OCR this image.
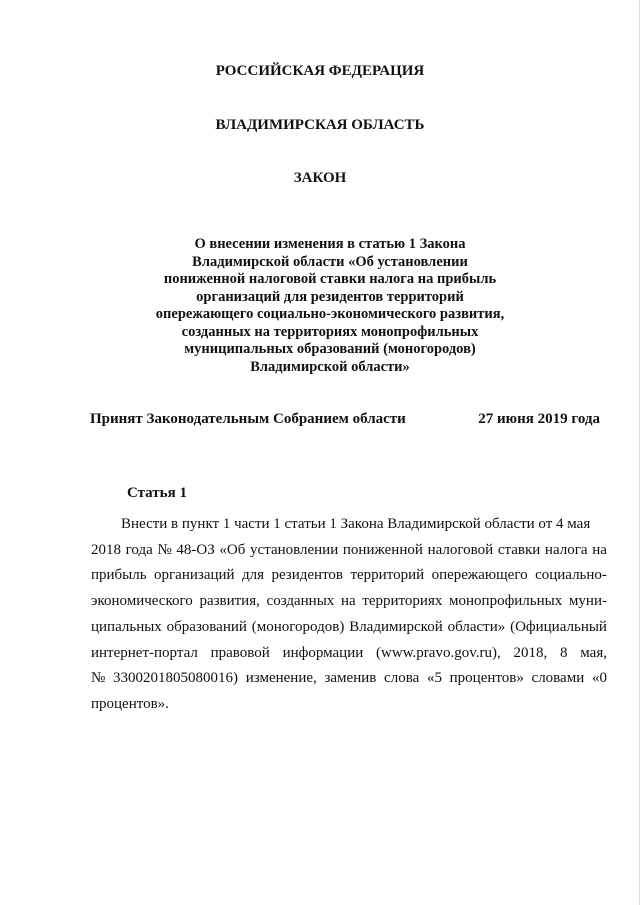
РОССИЙСКАЯ ФЕДЕРАЦИЯ
ВЛАДИМИРСКАЯ ОБЛАСТЬ
ЗАКОН
О внесении изменения в статью 1 Закона
Владимирской области «Об установлении
пониженной налоговой ставки налога на прибыль
организаций для резидентов территорий
опережающего социально-экономического развития,
созданных на территориях монопрофильных
муниципальных образований (моногородов)
Владимирской области»
Принят Законодательным Собранием области	27 июня 2019 года
Статья 1
Внести в пункт 1 части 1 статьи 1 Закона Владимирской области от 4 мая
2018 года № 48-ОЗ «Об установлении пониженной налоговой ставки налога на
прибыль организаций для резидентов территорий опережающего социально-
экономического развития, созданных на территориях монопрофильных муни-
ципальных образований (моногородов) Владимирской области» (Официальный
интернет-портал правовой информации (www.pravo.gov.ru), 2018, 8 мая,
№ 3300201805080016) изменение, заменив слова «5 процентов» словами «0
процентов».
